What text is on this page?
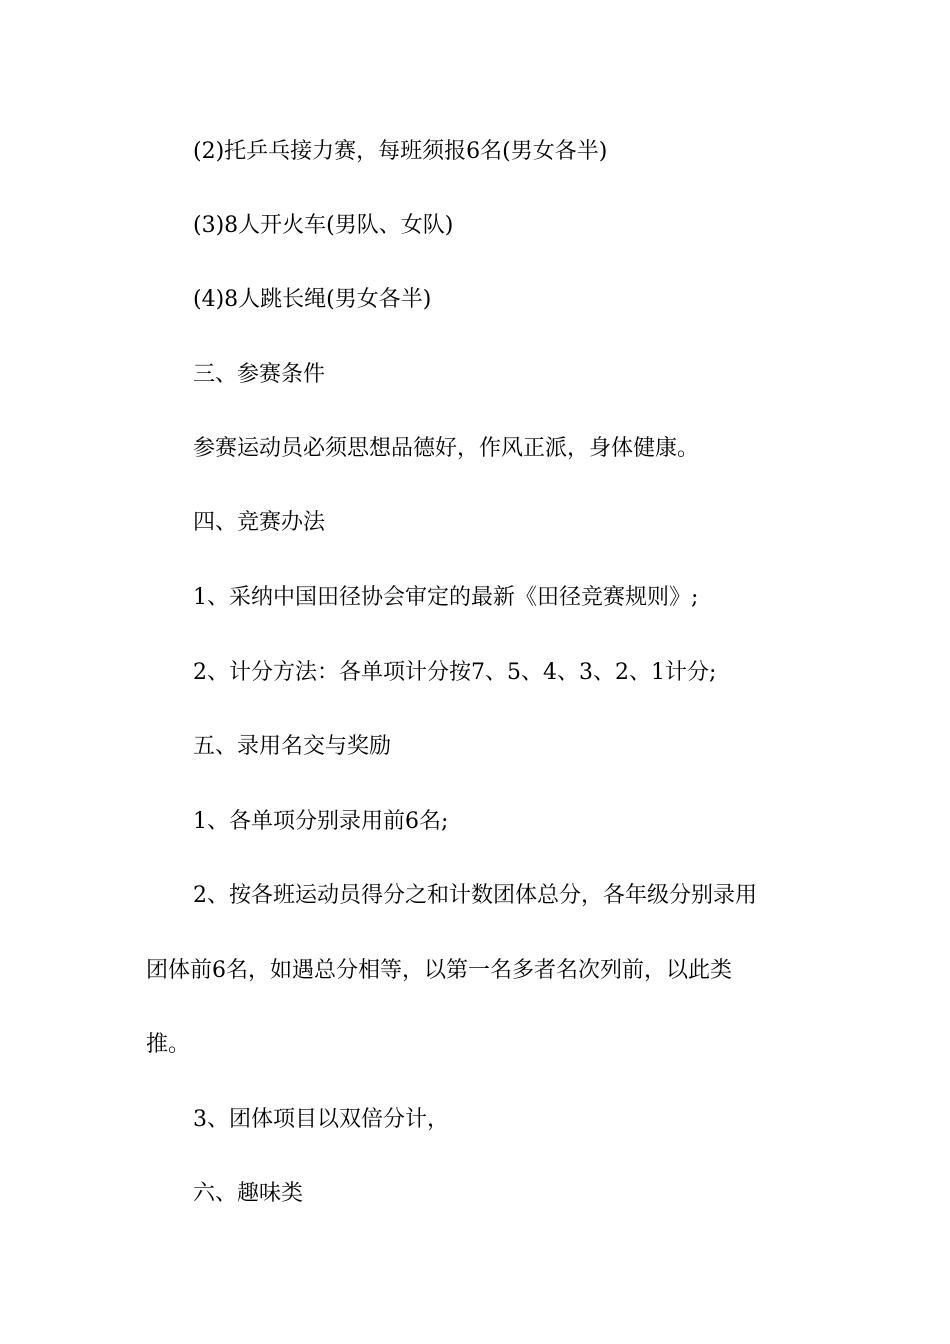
(2)托乒乓接力赛，每班须报6名(男女各半)

(3)8人开火车(男队、女队)

(4)8人跳长绳(男女各半)

三、参赛条件

参赛运动员必须思想品德好，作风正派，身体健康。

四、竞赛办法

1、采纳中国田径协会审定的最新《田径竞赛规则》;

2、计分方法：各单项计分按7、5、4、3、2、1计分;

五、录用名交与奖励

1、各单项分别录用前6名;

2、按各班运动员得分之和计数团体总分，各年级分别录用

团体前6名，如遇总分相等，以第一名多者名次列前，以此类

推。

3、团体项目以双倍分计，

六、趣味类
